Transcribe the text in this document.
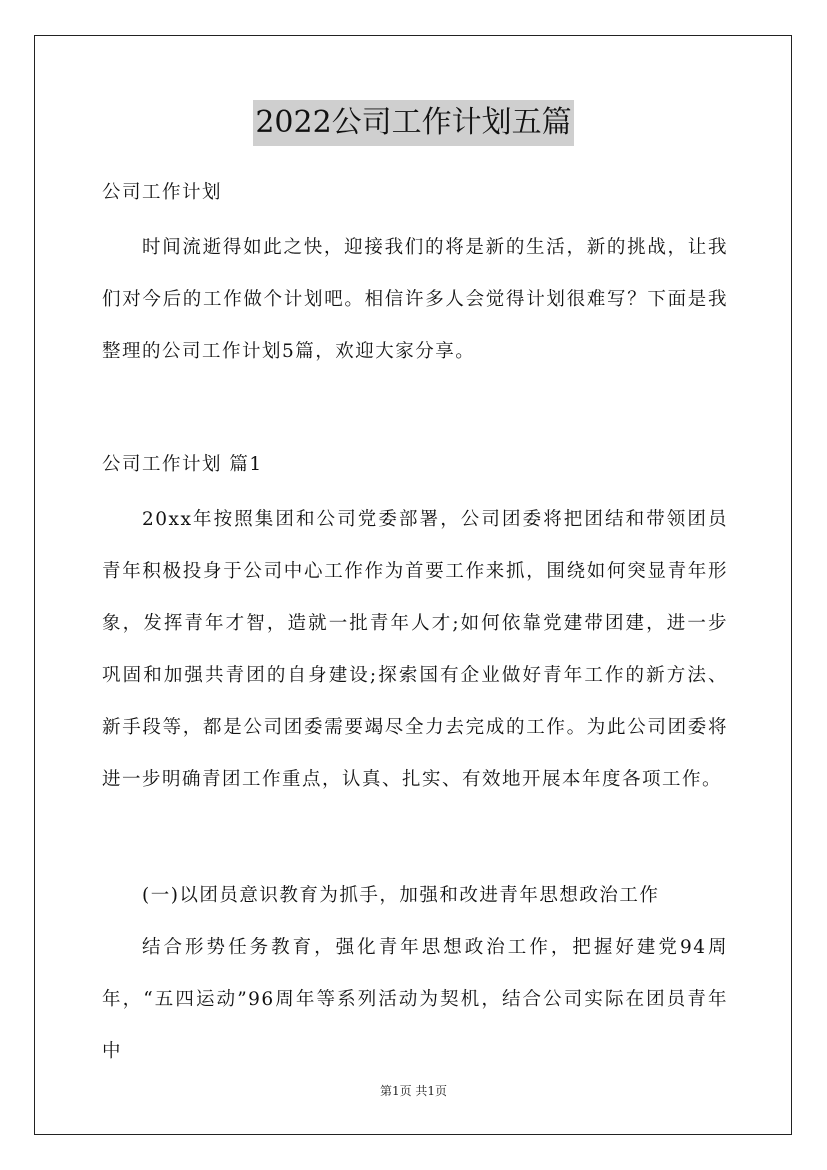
2022公司工作计划五篇

公司工作计划

时间流逝得如此之快，迎接我们的将是新的生活，新的挑战，让我们对今后的工作做个计划吧。相信许多人会觉得计划很难写？下面是我整理的公司工作计划5篇，欢迎大家分享。

公司工作计划 篇1

20xx年按照集团和公司党委部署，公司团委将把团结和带领团员青年积极投身于公司中心工作作为首要工作来抓，围绕如何突显青年形象，发挥青年才智，造就一批青年人才;如何依靠党建带团建，进一步巩固和加强共青团的自身建设;探索国有企业做好青年工作的新方法、新手段等，都是公司团委需要竭尽全力去完成的工作。为此公司团委将进一步明确青团工作重点，认真、扎实、有效地开展本年度各项工作。

(一)以团员意识教育为抓手，加强和改进青年思想政治工作

结合形势任务教育，强化青年思想政治工作，把握好建党94周年，“五四运动”96周年等系列活动为契机，结合公司实际在团员青年中

第1页 共1页
